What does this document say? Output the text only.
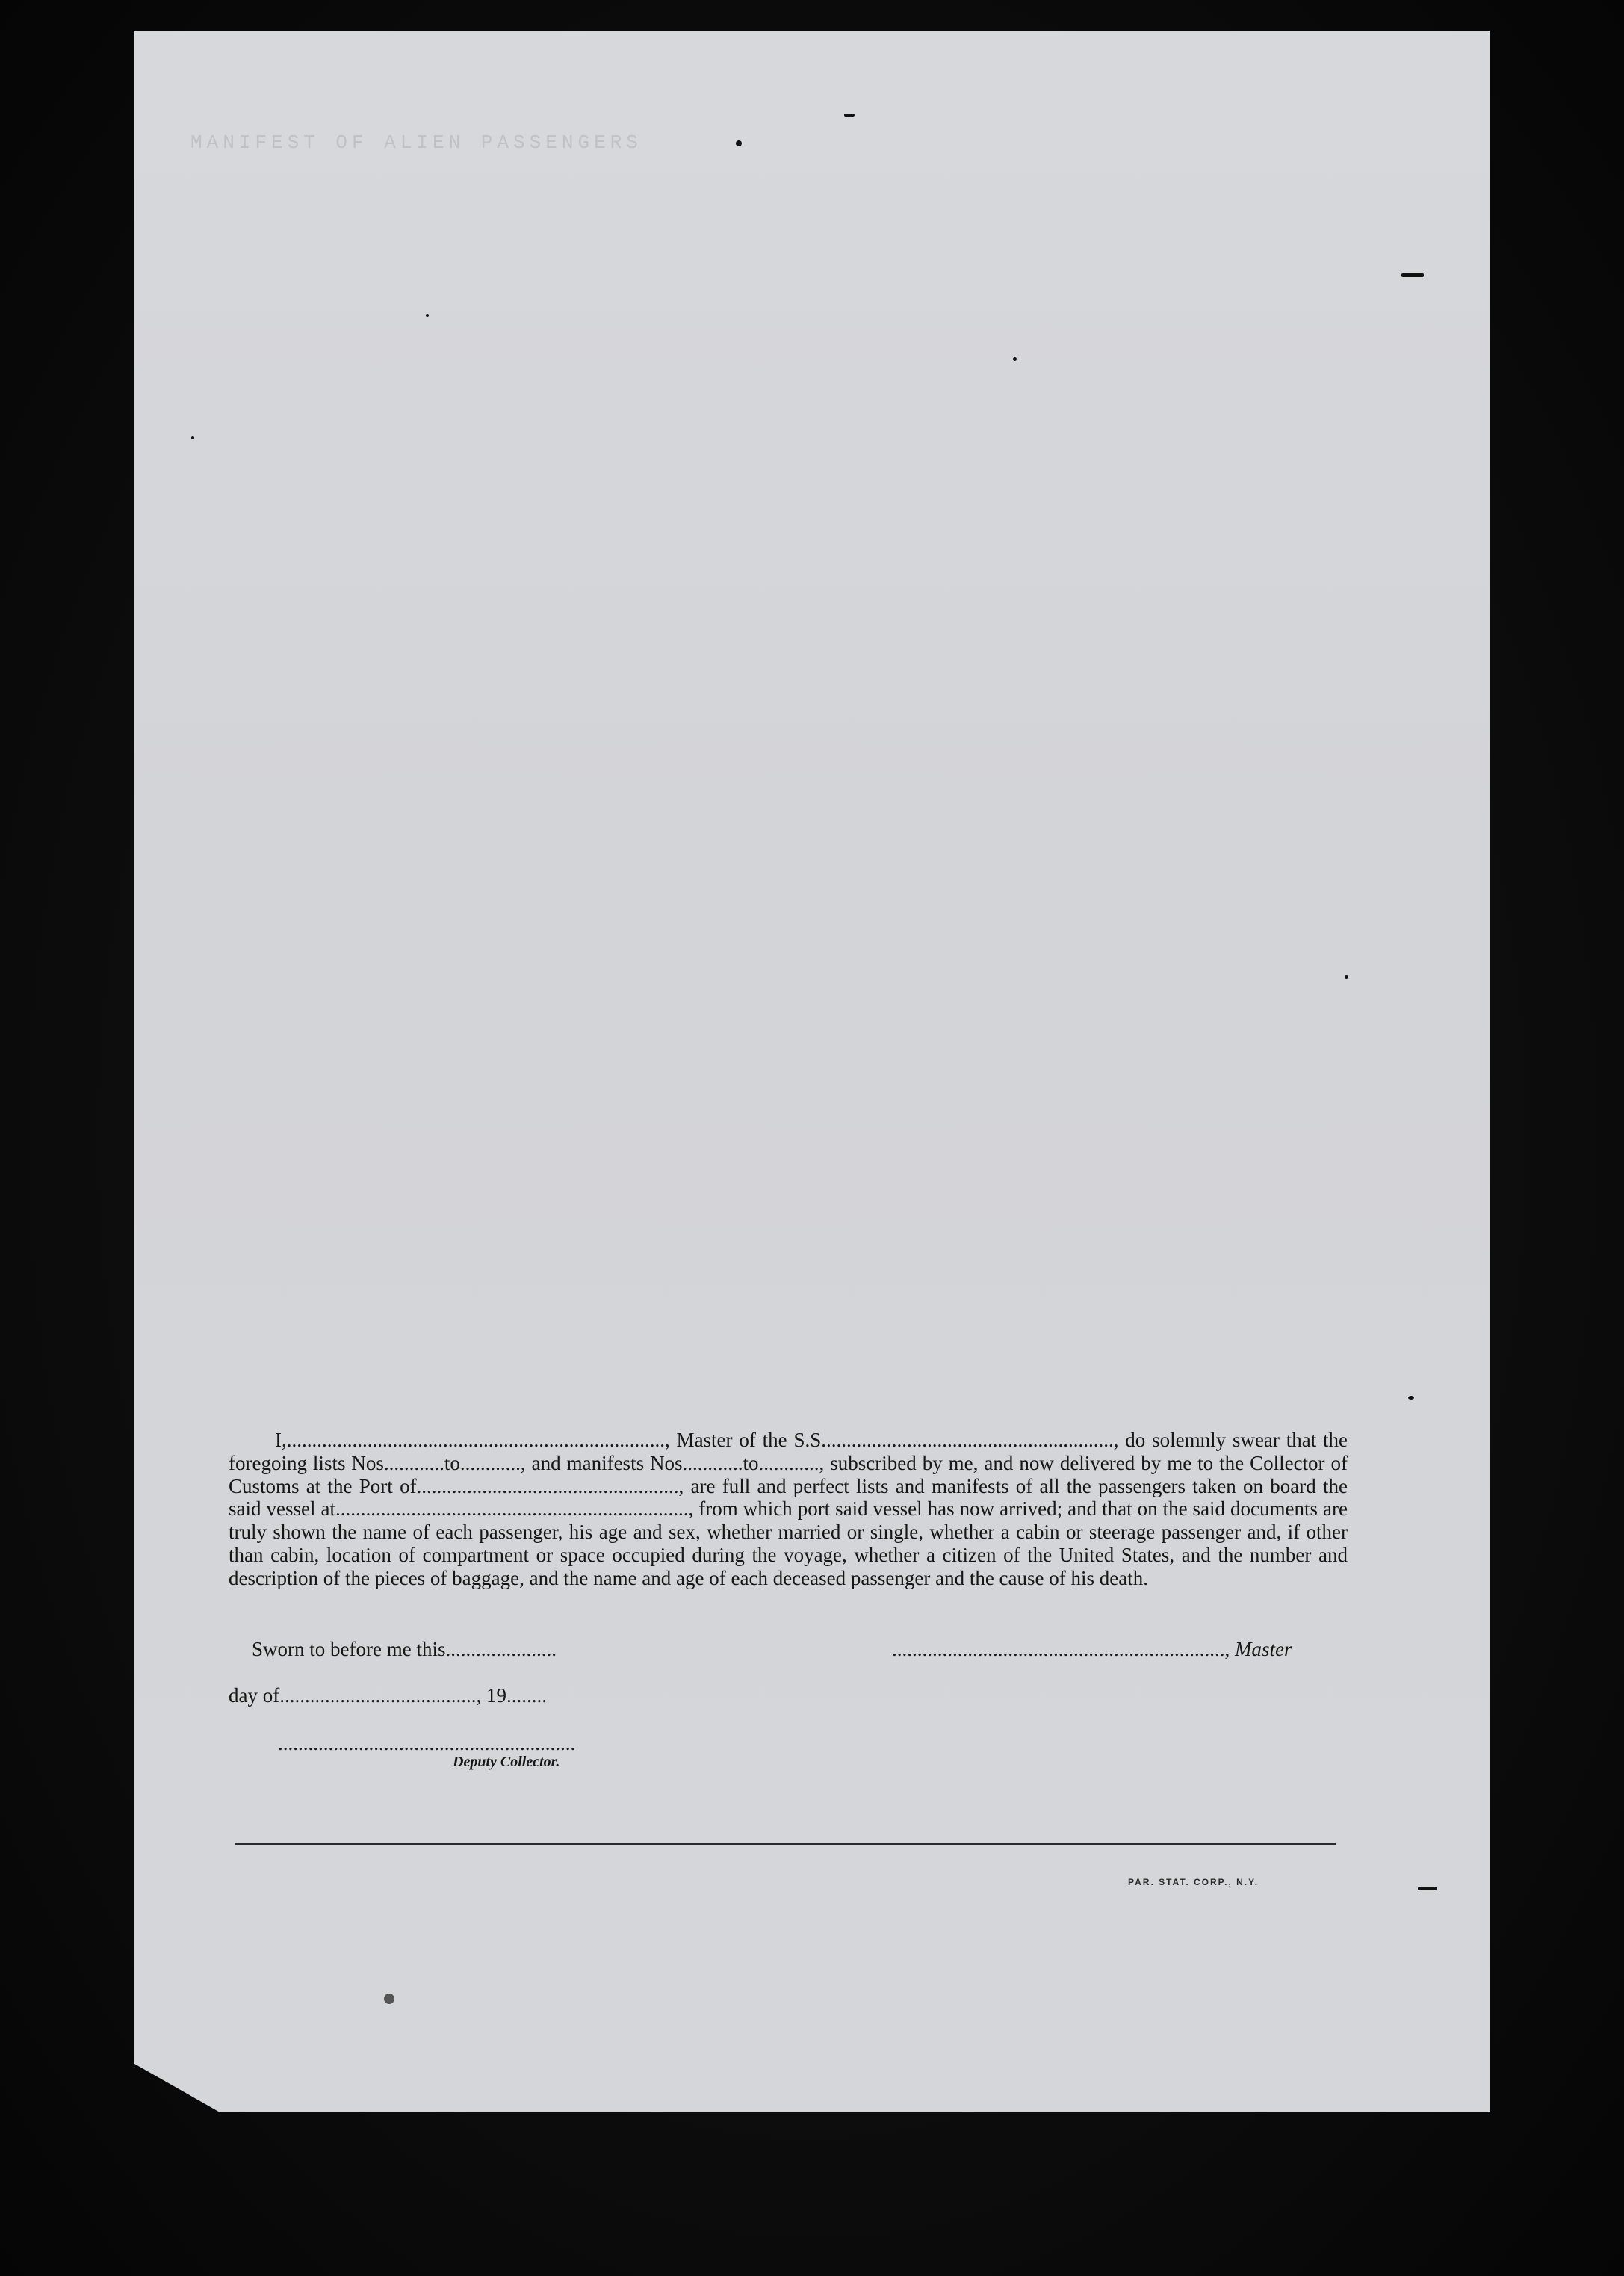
MANIFEST OF ALIEN PASSENGERS

I,..........................................................................., Master of the S.S.........................................................., do solemnly swear that the foregoing lists Nos............to............, and manifests Nos............to............, subscribed by me, and now delivered by me to the Collector of Customs at the Port of...................................................., are full and perfect lists and manifests of all the passengers taken on board the said vessel at......................................................................, from which port said vessel has now arrived; and that on the said documents are truly shown the name of each passenger, his age and sex, whether married or single, whether a cabin or steerage passenger and, if other than cabin, location of compartment or space occupied during the voyage, whether a citizen of the United States, and the number and description of the pieces of baggage, and the name and age of each deceased passenger and the cause of his death.

Sworn to before me this......................	.................................................................., Master
day of......................................., 19........
...........................................................
Deputy Collector.
PAR. STAT. CORP., N.Y.
